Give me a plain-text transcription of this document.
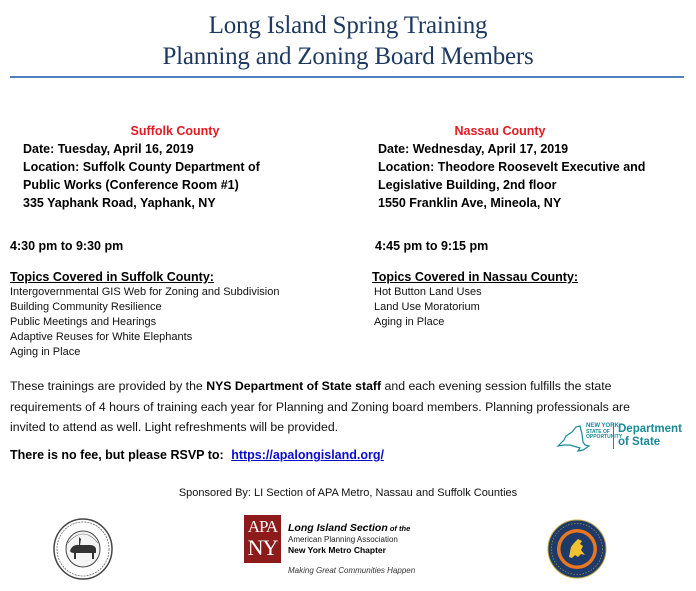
Long Island Spring Training
Planning and Zoning Board Members
Suffolk County
Date: Tuesday, April 16, 2019
Location: Suffolk County Department of
Public Works (Conference Room #1)
335 Yaphank Road, Yaphank, NY
4:30 pm to 9:30 pm
Topics Covered in Suffolk County:
Intergovernmental GIS Web for Zoning and Subdivision
Building Community Resilience
Public Meetings and Hearings
Adaptive Reuses for White Elephants
Aging in Place
Nassau County
Date: Wednesday, April 17, 2019
Location: Theodore Roosevelt Executive and
Legislative Building, 2nd floor
1550 Franklin Ave, Mineola, NY
4:45 pm to 9:15 pm
Topics Covered in Nassau County:
Hot Button Land Uses
Land Use Moratorium
Aging in Place
These trainings are provided by the NYS Department of State staff and each evening session fulfills the state
requirements of 4 hours of training each year for Planning and Zoning board members. Planning professionals are
invited to attend as well. Light refreshments will be provided.	NEW YORK
STATE OF
OPPORTUNITY
Department
of State
There is no fee, but please RSVP to: https://apalongisland.org/
Sponsored By: LI Section of APA Metro, Nassau and Suffolk Counties
APA
NY
Long Island Section of the
American Planning Association
New York Metro Chapter
Making Great Communities Happen
